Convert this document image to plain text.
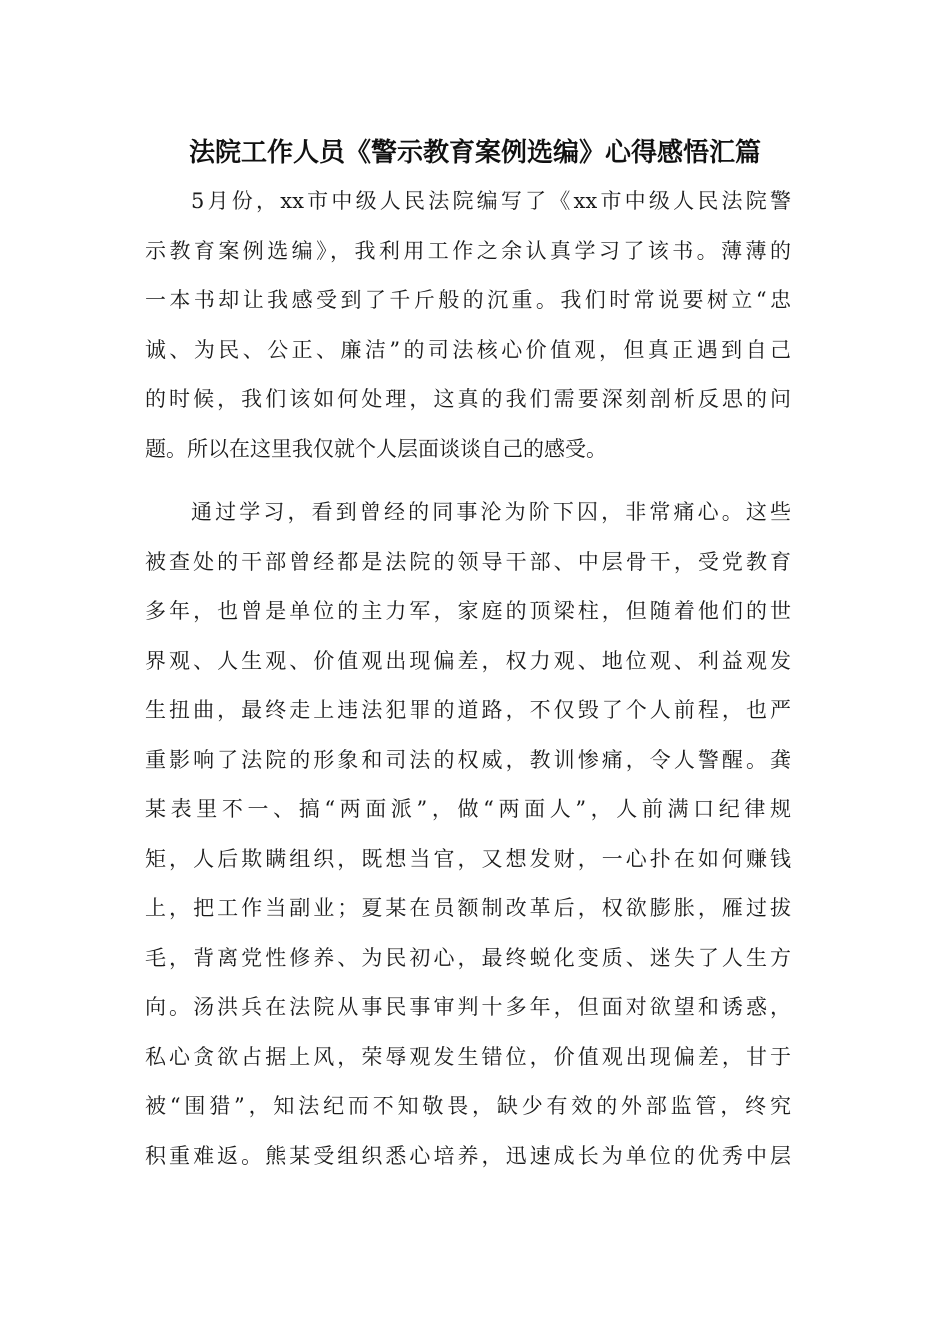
法院工作人员《警示教育案例选编》心得感悟汇篇
5月份，xx市中级人民法院编写了《xx市中级人民法院警
示教育案例选编》，我利用工作之余认真学习了该书。薄薄的
一本书却让我感受到了千斤般的沉重。我们时常说要树立“忠
诚、为民、公正、廉洁”的司法核心价值观，但真正遇到自己
的时候，我们该如何处理，这真的我们需要深刻剖析反思的问
题。所以在这里我仅就个人层面谈谈自己的感受。
通过学习，看到曾经的同事沦为阶下囚，非常痛心。这些
被查处的干部曾经都是法院的领导干部、中层骨干，受党教育
多年，也曾是单位的主力军，家庭的顶梁柱，但随着他们的世
界观、人生观、价值观出现偏差，权力观、地位观、利益观发
生扭曲，最终走上违法犯罪的道路，不仅毁了个人前程，也严
重影响了法院的形象和司法的权威，教训惨痛，令人警醒。龚
某表里不一、搞“两面派”，做“两面人”，人前满口纪律规
矩，人后欺瞒组织，既想当官，又想发财，一心扑在如何赚钱
上，把工作当副业；夏某在员额制改革后，权欲膨胀，雁过拔
毛，背离党性修养、为民初心，最终蜕化变质、迷失了人生方
向。汤洪兵在法院从事民事审判十多年，但面对欲望和诱惑，
私心贪欲占据上风，荣辱观发生错位，价值观出现偏差，甘于
被“围猎”，知法纪而不知敬畏，缺少有效的外部监管，终究
积重难返。熊某受组织悉心培养，迅速成长为单位的优秀中层
